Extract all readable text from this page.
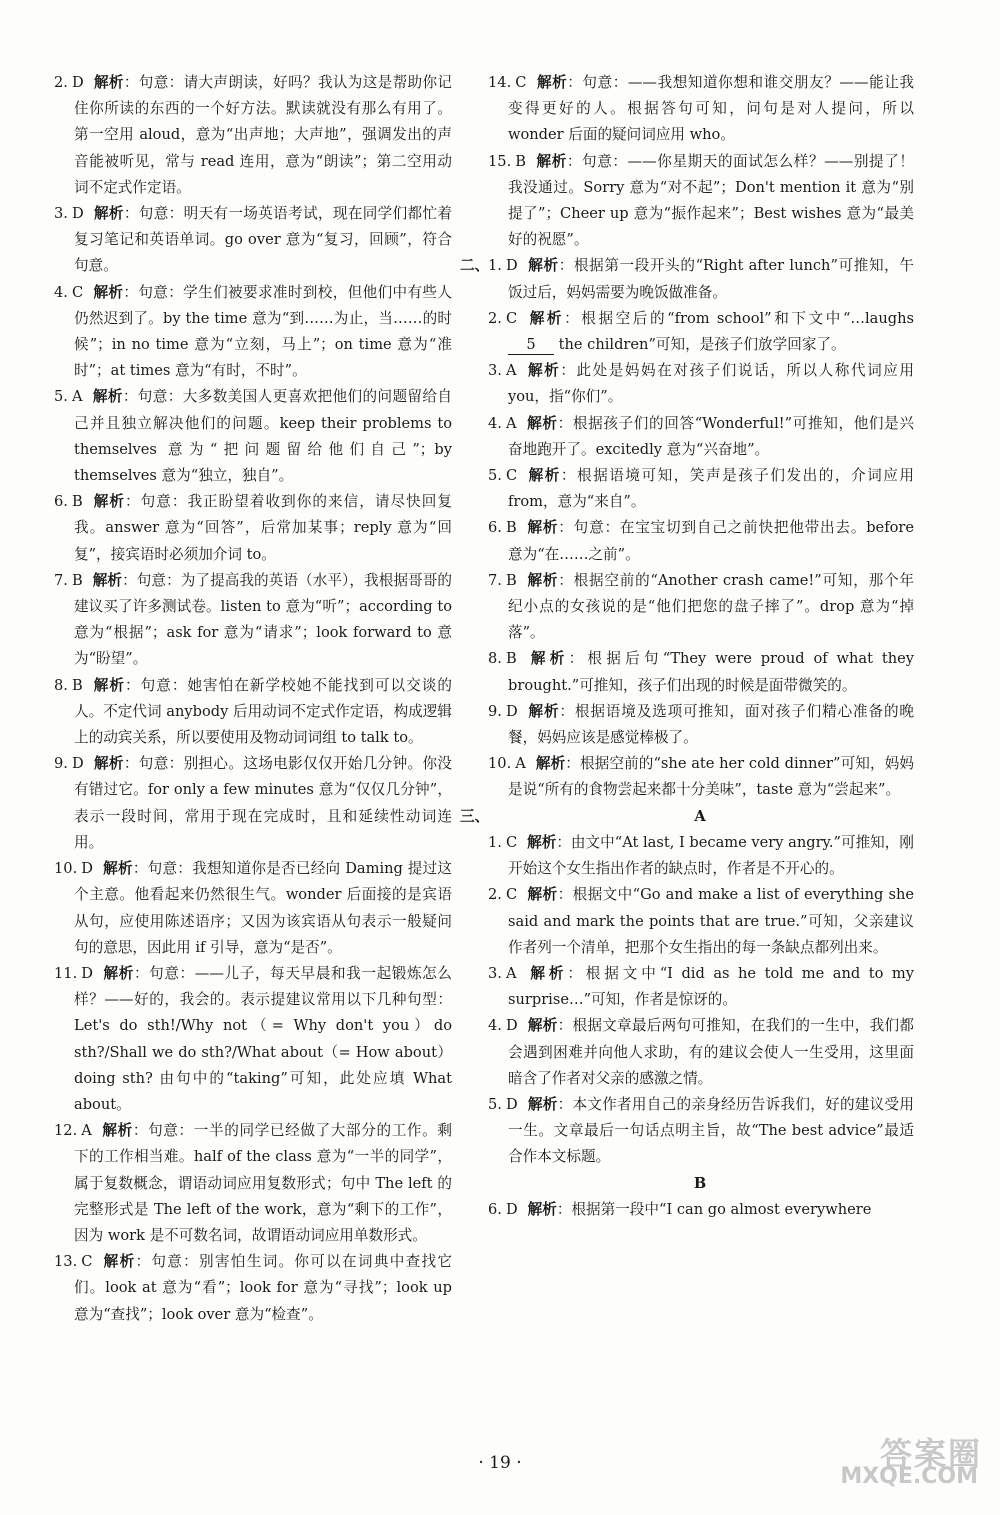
2. D 解析：句意：请大声朗读，好吗？我认为这是帮助你记住你所读的东西的一个好方法。默读就没有那么有用了。第一空用 aloud，意为“出声地；大声地”，强调发出的声音能被听见，常与 read 连用，意为“朗读”；第二空用动词不定式作定语。

3. D 解析：句意：明天有一场英语考试，现在同学们都忙着复习笔记和英语单词。go over 意为“复习，回顾”，符合句意。

4. C 解析：句意：学生们被要求准时到校，但他们中有些人仍然迟到了。by the time 意为“到……为止，当……的时候”；in no time 意为“立刻，马上”；on time 意为“准时”；at times 意为“有时，不时”。

5. A 解析：句意：大多数美国人更喜欢把他们的问题留给自己并且独立解决他们的问题。keep their problems to themselves 意为“把问题留给他们自己”；by themselves 意为“独立，独自”。

6. B 解析：句意：我正盼望着收到你的来信，请尽快回复我。answer 意为“回答”，后常加某事；reply 意为“回复”，接宾语时必须加介词 to。

7. B 解析：句意：为了提高我的英语（水平），我根据哥哥的建议买了许多测试卷。listen to 意为“听”；according to 意为“根据”；ask for 意为“请求”；look forward to 意为“盼望”。

8. B 解析：句意：她害怕在新学校她不能找到可以交谈的人。不定代词 anybody 后用动词不定式作定语，构成逻辑上的动宾关系，所以要使用及物动词词组 to talk to。

9. D 解析：句意：别担心。这场电影仅仅开始几分钟。你没有错过它。for only a few minutes 意为“仅仅几分钟”，表示一段时间，常用于现在完成时，且和延续性动词连用。

10. D 解析：句意：我想知道你是否已经向 Daming 提过这个主意。他看起来仍然很生气。wonder 后面接的是宾语从句，应使用陈述语序；又因为该宾语从句表示一般疑问句的意思，因此用 if 引导，意为“是否”。

11. D 解析：句意：——儿子，每天早晨和我一起锻炼怎么样？——好的，我会的。表示提建议常用以下几种句型：Let's do sth!/Why not（= Why don't you）do sth?/Shall we do sth?/What about（= How about）doing sth? 由句中的“taking”可知，此处应填 What about。

12. A 解析：句意：一半的同学已经做了大部分的工作。剩下的工作相当难。half of the class 意为“一半的同学”，属于复数概念，谓语动词应用复数形式；句中 The left 的完整形式是 The left of the work，意为“剩下的工作”，因为 work 是不可数名词，故谓语动词应用单数形式。

13. C 解析：句意：别害怕生词。你可以在词典中查找它们。look at 意为“看”；look for 意为“寻找”；look up 意为“查找”；look over 意为“检查”。

14. C 解析：句意：——我想知道你想和谁交朋友？——能让我变得更好的人。根据答句可知，问句是对人提问，所以 wonder 后面的疑问词应用 who。

15. B 解析：句意：——你星期天的面试怎么样？——别提了！我没通过。Sorry 意为“对不起”；Don't mention it 意为“别提了”；Cheer up 意为“振作起来”；Best wishes 意为“最美好的祝愿”。

二、

1. D 解析：根据第一段开头的“Right after lunch”可推知，午饭过后，妈妈需要为晚饭做准备。

2. C 解析：根据空后的“from school”和下文中“…laughs 5 the children”可知，是孩子们放学回家了。

3. A 解析：此处是妈妈在对孩子们说话，所以人称代词应用 you，指“你们”。

4. A 解析：根据孩子们的回答“Wonderful!”可推知，他们是兴奋地跑开了。excitedly 意为“兴奋地”。

5. C 解析：根据语境可知，笑声是孩子们发出的，介词应用 from，意为“来自”。

6. B 解析：句意：在宝宝切到自己之前快把他带出去。before 意为“在……之前”。

7. B 解析：根据空前的“Another crash came!”可知，那个年纪小点的女孩说的是“他们把您的盘子摔了”。drop 意为“掉落”。

8. B 解析：根据后句“They were proud of what they brought.”可推知，孩子们出现的时候是面带微笑的。

9. D 解析：根据语境及选项可推知，面对孩子们精心准备的晚餐，妈妈应该是感觉棒极了。

10. A 解析：根据空前的“she ate her cold dinner”可知，妈妈是说“所有的食物尝起来都十分美味”，taste 意为“尝起来”。

三、	A

1. C 解析：由文中“At last, I became very angry.”可推知，刚开始这个女生指出作者的缺点时，作者是不开心的。

2. C 解析：根据文中“Go and make a list of everything she said and mark the points that are true.”可知，父亲建议作者列一个清单，把那个女生指出的每一条缺点都列出来。

3. A 解析：根据文中“I did as he told me and to my surprise…”可知，作者是惊讶的。

4. D 解析：根据文章最后两句可推知，在我们的一生中，我们都会遇到困难并向他人求助，有的建议会使人一生受用，这里面暗含了作者对父亲的感激之情。

5. D 解析：本文作者用自己的亲身经历告诉我们，好的建议受用一生。文章最后一句话点明主旨，故“The best advice”最适合作本文标题。

B

6. D 解析：根据第一段中“I can go almost everywhere

· 19 ·	答案圈
MXQE.COM
